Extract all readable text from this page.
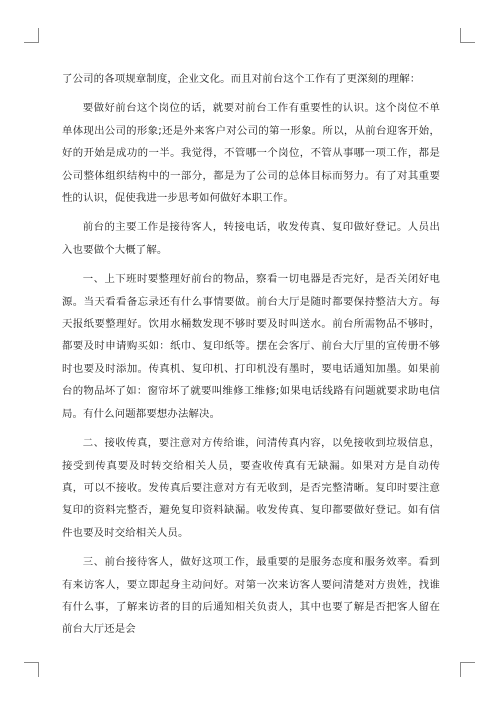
了公司的各项规章制度，企业文化。而且对前台这个工作有了更深刻的理解：

要做好前台这个岗位的话，就要对前台工作有重要性的认识。这个岗位不单单体现出公司的形象;还是外来客户对公司的第一形象。所以，从前台迎客开始，好的开始是成功的一半。我觉得，不管哪一个岗位，不管从事哪一项工作，都是公司整体组织结构中的一部分，都是为了公司的总体目标而努力。有了对其重要性的认识，促使我进一步思考如何做好本职工作。

前台的主要工作是接待客人，转接电话，收发传真、复印做好登记。人员出入也要做个大概了解。

一、上下班时要整理好前台的物品，察看一切电器是否完好，是否关闭好电源。当天看看备忘录还有什么事情要做。前台大厅是随时都要保持整洁大方。每天报纸要整理好。饮用水桶数发现不够时要及时叫送水。前台所需物品不够时，都要及时申请购买如：纸巾、复印纸等。摆在会客厅、前台大厅里的宣传册不够时也要及时添加。传真机、复印机、打印机没有墨时，要电话通知加墨。如果前台的物品坏了如：窗帘坏了就要叫维修工维修;如果电话线路有问题就要求助电信局。有什么问题都要想办法解决。

二、接收传真，要注意对方传给谁，问清传真内容，以免接收到垃圾信息，接受到传真要及时转交给相关人员，要查收传真有无缺漏。如果对方是自动传真，可以不接收。发传真后要注意对方有无收到，是否完整清晰。复印时要注意复印的资料完整否，避免复印资料缺漏。收发传真、复印都要做好登记。如有信件也要及时交给相关人员。

三、前台接待客人，做好这项工作，最重要的是服务态度和服务效率。看到有来访客人，要立即起身主动问好。对第一次来访客人要问清楚对方贵姓，找谁有什么事，了解来访者的目的后通知相关负责人，其中也要了解是否把客人留在前台大厅还是会
